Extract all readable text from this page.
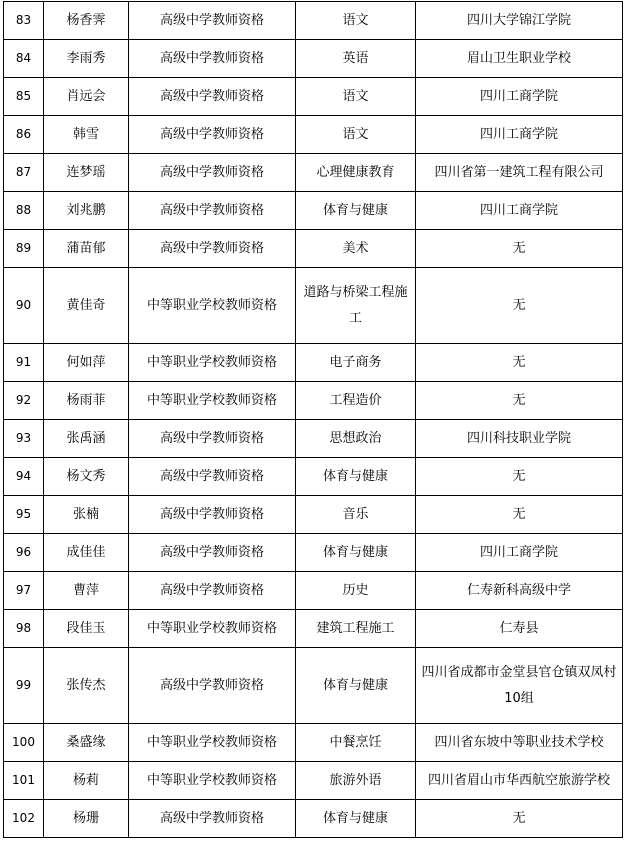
83	杨香霁	高级中学教师资格	语文	四川大学锦江学院
84	李雨秀	高级中学教师资格	英语	眉山卫生职业学校
85	肖远会	高级中学教师资格	语文	四川工商学院
86	韩雪	高级中学教师资格	语文	四川工商学院
87	连梦瑶	高级中学教师资格	心理健康教育	四川省第一建筑工程有限公司
88	刘兆鹏	高级中学教师资格	体育与健康	四川工商学院
89	蒲苗郁	高级中学教师资格	美术	无
90	黄佳奇	中等职业学校教师资格	道路与桥梁工程施工	无
91	何如萍	中等职业学校教师资格	电子商务	无
92	杨雨菲	中等职业学校教师资格	工程造价	无
93	张禹涵	高级中学教师资格	思想政治	四川科技职业学院
94	杨文秀	高级中学教师资格	体育与健康	无
95	张楠	高级中学教师资格	音乐	无
96	成佳佳	高级中学教师资格	体育与健康	四川工商学院
97	曹萍	高级中学教师资格	历史	仁寿新科高级中学
98	段佳玉	中等职业学校教师资格	建筑工程施工	仁寿县
99	张传杰	高级中学教师资格	体育与健康	四川省成都市金堂县官仓镇双凤村10组

100	桑盛缘	中等职业学校教师资格	中餐烹饪	四川省东坡中等职业技术学校
101	杨莉	中等职业学校教师资格	旅游外语	四川省眉山市华西航空旅游学校
102	杨珊	高级中学教师资格	体育与健康	无
